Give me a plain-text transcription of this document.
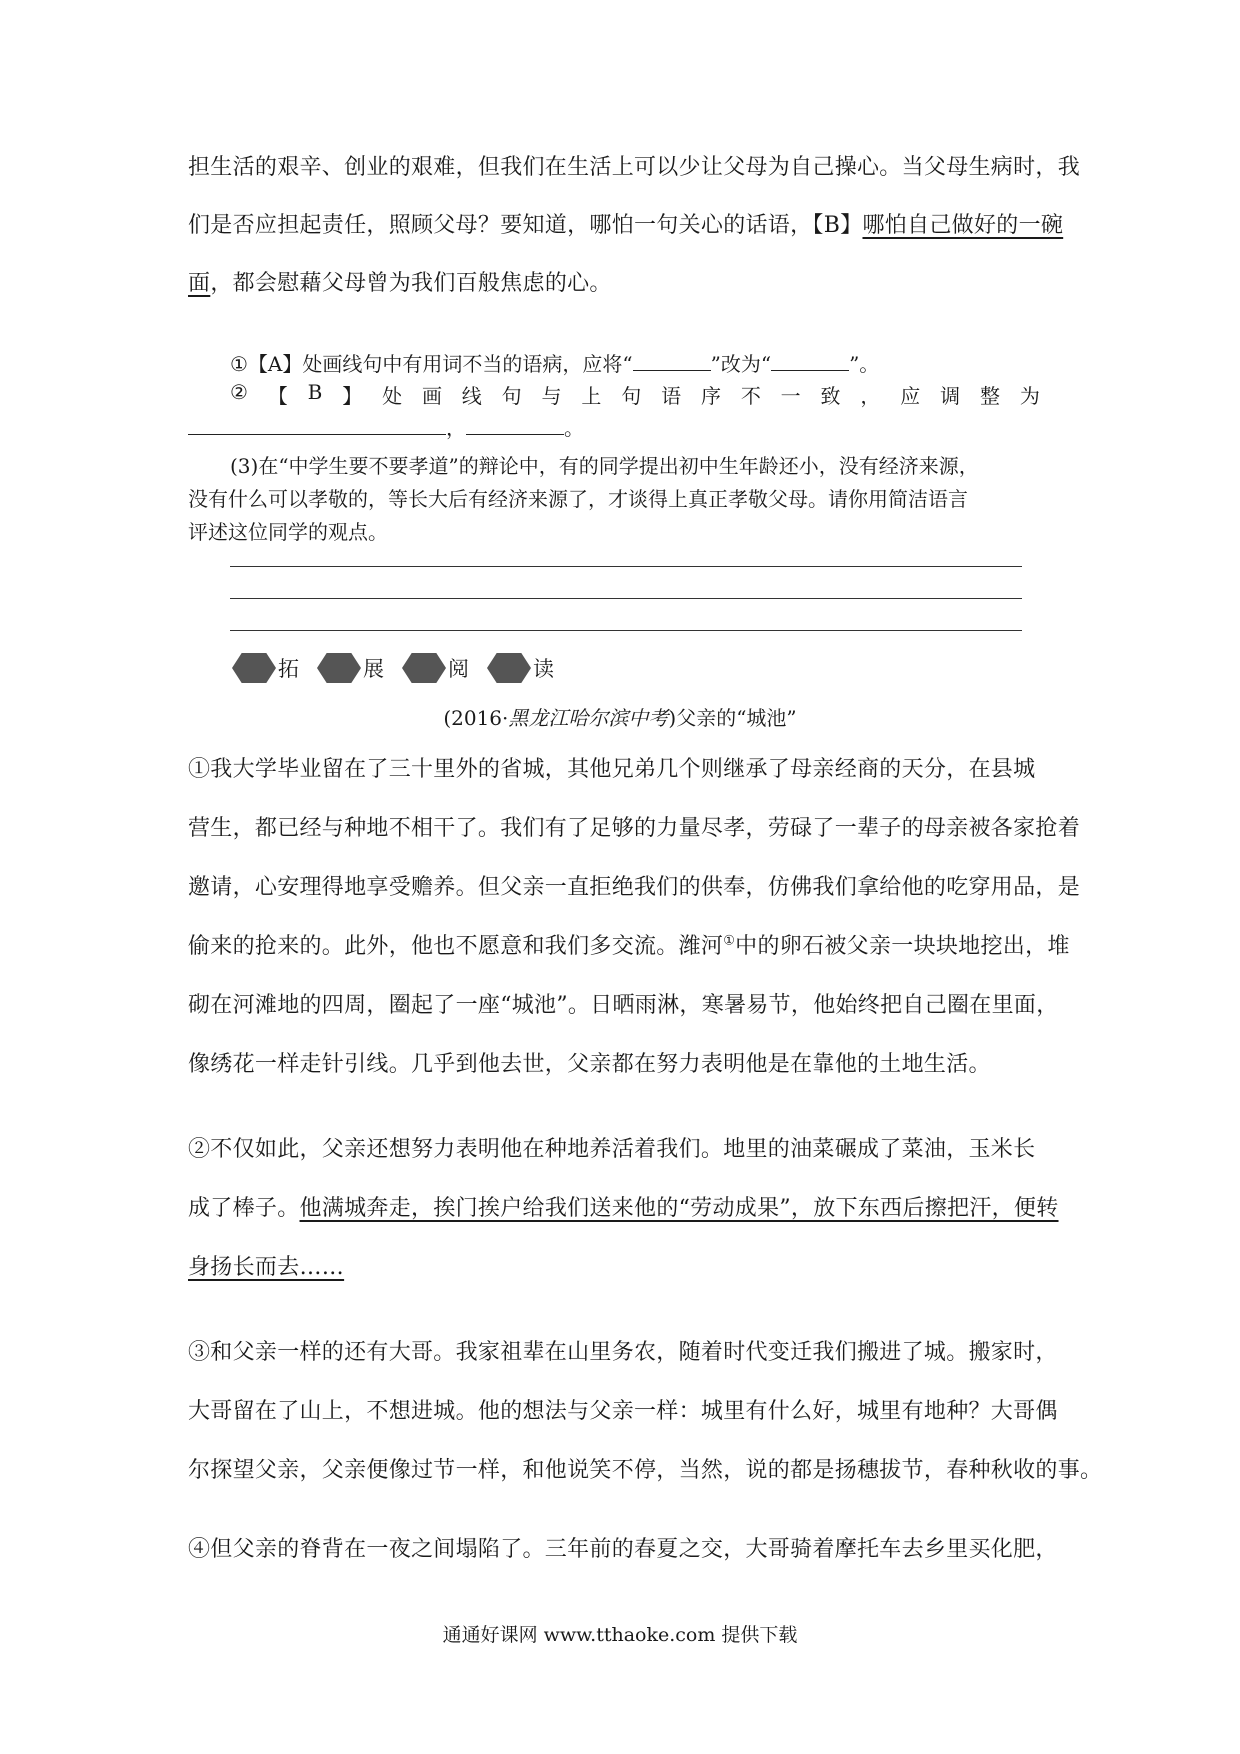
担生活的艰辛、创业的艰难，但我们在生活上可以少让父母为自己操心。当父母生病时，我
们是否应担起责任，照顾父母？要知道，哪怕一句关心的话语，【B】哪怕自己做好的一碗
面，都会慰藉父母曾为我们百般焦虑的心。
①【A】处画线句中有用词不当的语病，应将“	”改为“	”。
② 【 B 】 处 画 线 句 与 上 句 语 序 不 一 致 ， 应 调 整 为
，	。
(3)在“中学生要不要孝道”的辩论中，有的同学提出初中生年龄还小，没有经济来源，
没有什么可以孝敬的，等长大后有经济来源了，才谈得上真正孝敬父母。请你用简洁语言
评述这位同学的观点。
拓	展	阅	读
(2016·黑龙江哈尔滨中考)父亲的“城池”
①我大学毕业留在了三十里外的省城，其他兄弟几个则继承了母亲经商的天分，在县城
营生，都已经与种地不相干了。我们有了足够的力量尽孝，劳碌了一辈子的母亲被各家抢着
邀请，心安理得地享受赡养。但父亲一直拒绝我们的供奉，仿佛我们拿给他的吃穿用品，是
偷来的抢来的。此外，他也不愿意和我们多交流。潍河①中的卵石被父亲一块块地挖出，堆
砌在河滩地的四周，圈起了一座“城池”。日晒雨淋，寒暑易节，他始终把自己圈在里面，
像绣花一样走针引线。几乎到他去世，父亲都在努力表明他是在靠他的土地生活。
②不仅如此，父亲还想努力表明他在种地养活着我们。地里的油菜碾成了菜油，玉米长
成了棒子。他满城奔走，挨门挨户给我们送来他的“劳动成果”，放下东西后擦把汗，便转
身扬长而去……
③和父亲一样的还有大哥。我家祖辈在山里务农，随着时代变迁我们搬进了城。搬家时，
大哥留在了山上，不想进城。他的想法与父亲一样：城里有什么好，城里有地种？大哥偶
尔探望父亲，父亲便像过节一样，和他说笑不停，当然，说的都是扬穗拔节，春种秋收的事。
④但父亲的脊背在一夜之间塌陷了。三年前的春夏之交，大哥骑着摩托车去乡里买化肥，
通通好课网 www.tthaoke.com 提供下载
